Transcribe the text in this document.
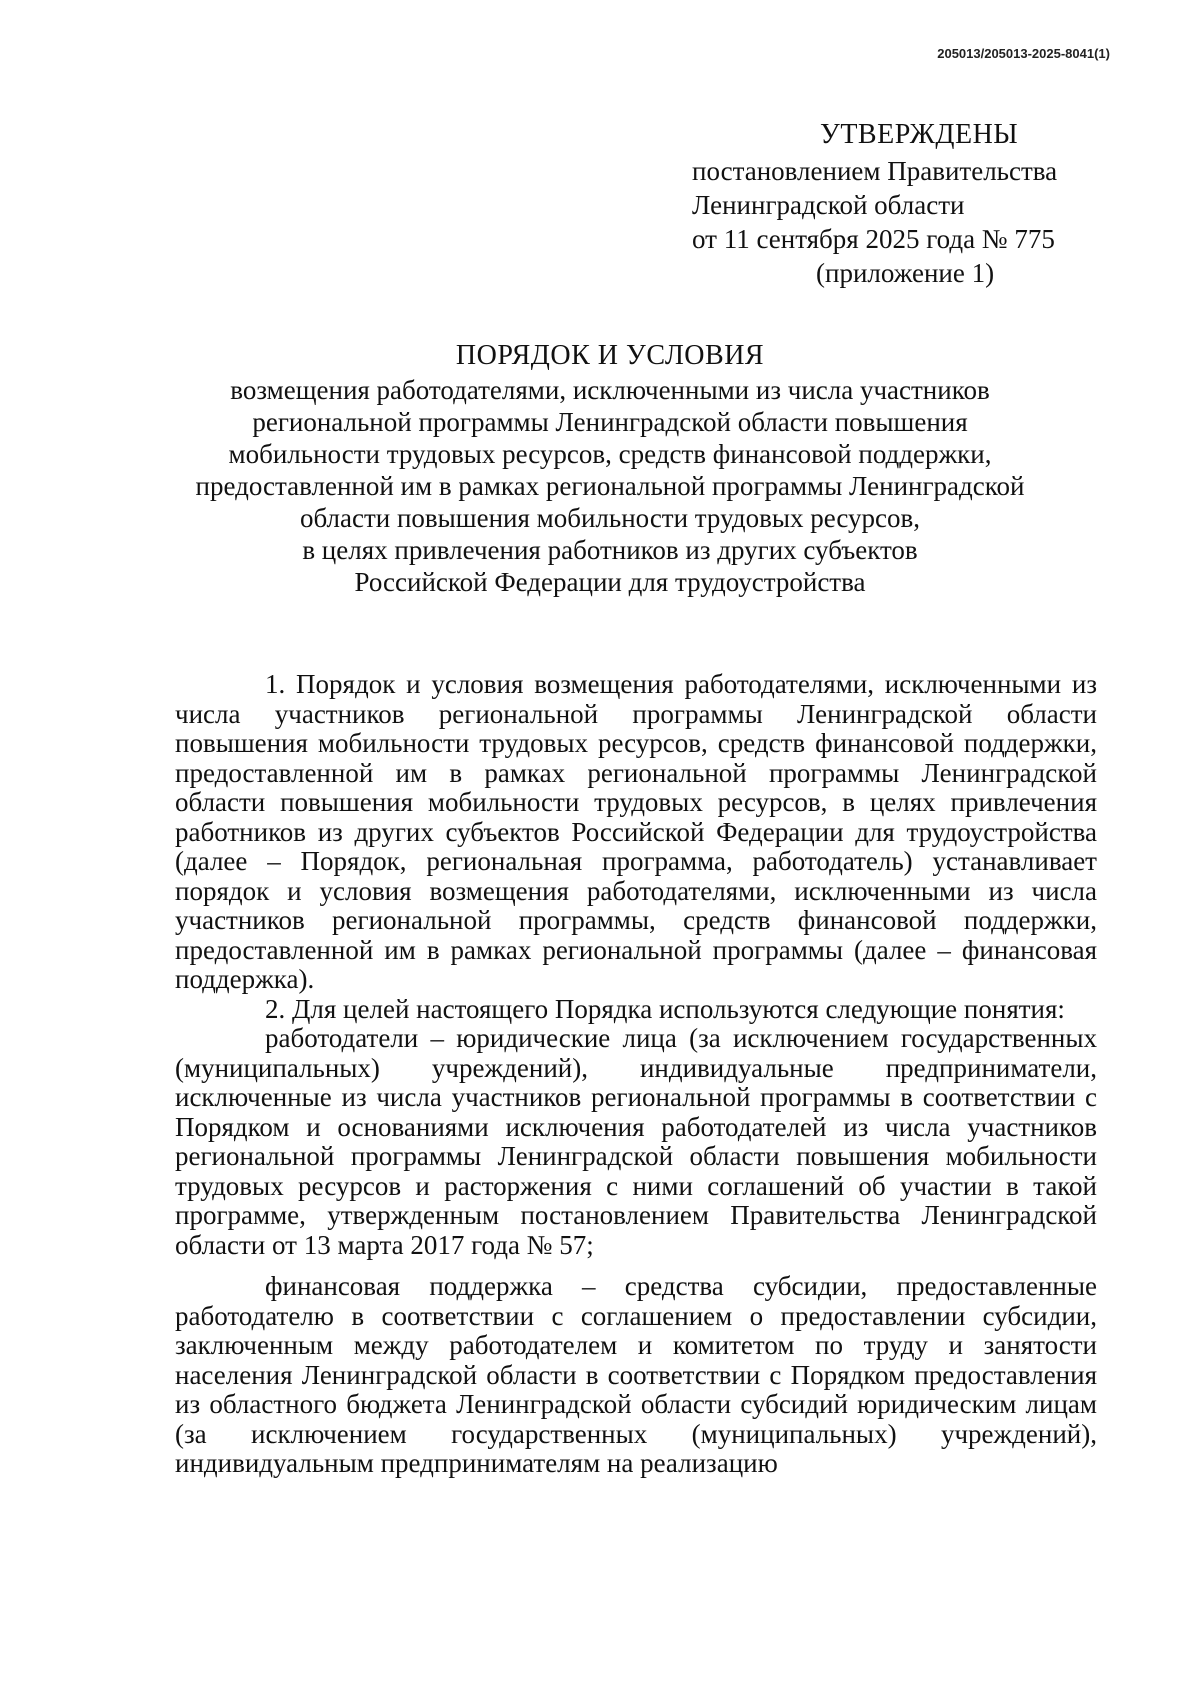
205013/205013-2025-8041(1)
УТВЕРЖДЕНЫ
постановлением Правительства
Ленинградской области
от 11 сентября 2025 года № 775
(приложение 1)
ПОРЯДОК И УСЛОВИЯ
возмещения работодателями, исключенными из числа участников
региональной программы Ленинградской области повышения
мобильности трудовых ресурсов, средств финансовой поддержки,
предоставленной им в рамках региональной программы Ленинградской
области повышения мобильности трудовых ресурсов,
в целях привлечения работников из других субъектов
Российской Федерации для трудоустройства

1. Порядок и условия возмещения работодателями, исключенными из числа участников региональной программы Ленинградской области повышения мобильности трудовых ресурсов, средств финансовой поддержки, предоставленной им в рамках региональной программы Ленинградской области повышения мобильности трудовых ресурсов, в целях привлечения работников из других субъектов Российской Федерации для трудоустройства (далее – Порядок, региональная программа, работодатель) устанавливает порядок и условия возмещения работодателями, исключенными из числа участников региональной программы, средств финансовой поддержки, предоставленной им в рамках региональной программы (далее – финансовая поддержка).

2. Для целей настоящего Порядка используются следующие понятия:

работодатели – юридические лица (за исключением государственных (муниципальных) учреждений), индивидуальные предприниматели, исключенные из числа участников региональной программы в соответствии с Порядком и основаниями исключения работодателей из числа участников региональной программы Ленинградской области повышения мобильности трудовых ресурсов и расторжения с ними соглашений об участии в такой программе, утвержденным постановлением Правительства Ленинградской области от 13 марта 2017 года № 57;

финансовая поддержка – средства субсидии, предоставленные работодателю в соответствии с соглашением о предоставлении субсидии, заключенным между работодателем и комитетом по труду и занятости населения Ленинградской области в соответствии с Порядком предоставления из областного бюджета Ленинградской области субсидий юридическим лицам (за исключением государственных (муниципальных) учреждений), индивидуальным предпринимателям на реализацию
